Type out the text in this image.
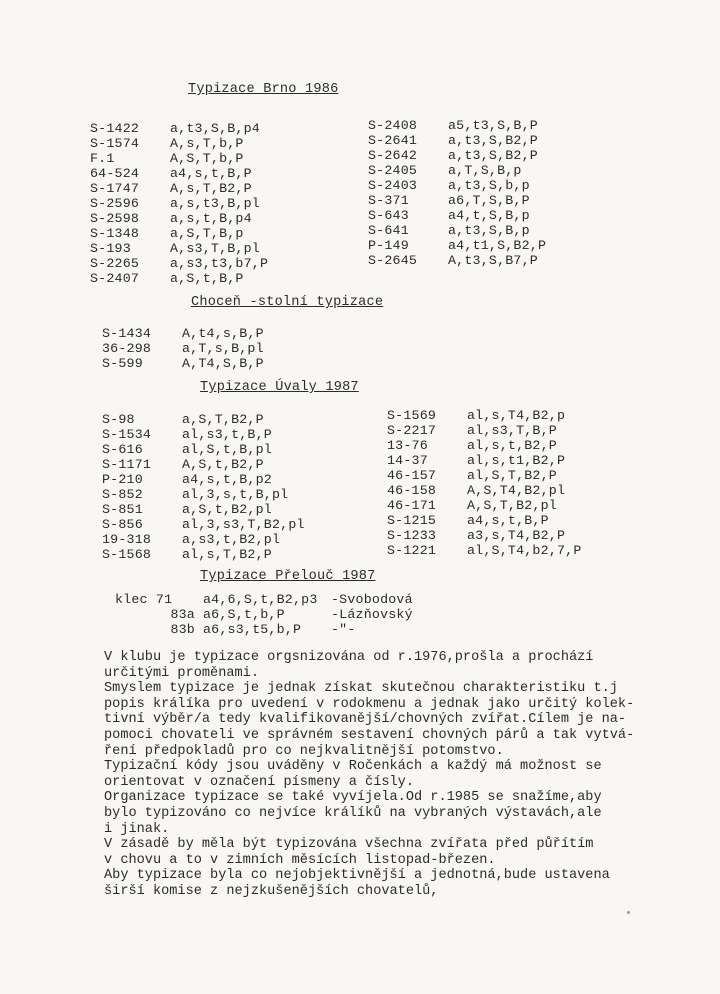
Typizace Brno 1986
S-1422 a,t3,S,B,p4
S-1574 A,s,T,b,P
F.1	A,S,T,b,P
64-524 a4,s,t,B,P
S-1747 A,s,T,B2,P
S-2596 a,s,t3,B,pl
S-2598 a,s,t,B,p4
S-1348 a,S,T,B,p
S-193	A,s3,T,B,pl
S-2265 a,s3,t3,b7,P
S-2407 a,S,t,B,P
S-2408 a5,t3,S,B,P
S-2641 a,t3,S,B2,P
S-2642 a,t3,S,B2,P
S-2405 a,T,S,B,p
S-2403 a,t3,S,b,p
S-371	a6,T,S,B,P
S-643	a4,t,S,B,p
S-641	a,t3,S,B,p
P-149	a4,t1,S,B2,P
S-2645 A,t3,S,B7,P
Choceň -stolní typizace
S-1434 A,t4,s,B,P
36-298 a,T,s,B,pl
S-599	A,T4,S,B,P
Typizace Úvaly 1987
S-98	a,S,T,B2,P
S-1534 al,s3,t,B,P
S-616	al,S,t,B,pl
S-1171 A,S,t,B2,P
P-210	a4,s,t,B,p2
S-852	al,3,s,t,B,pl
S-851	a,S,t,B2,pl
S-856	al,3,s3,T,B2,pl
19-318 a,s3,t,B2,pl
S-1568 al,s,T,B2,P
S-1569 al,s,T4,B2,p
S-2217 al,s3,T,B,P
13-76	al,s,t,B2,P
14-37	al,s,t1,B2,P
46-157 al,S,T,B2,P
46-158 A,S,T4,B2,pl
46-171 A,S,T,B2,pl
S-1215 a4,s,t,B,P
S-1233 a3,s,T4,B2,P
S-1221 al,S,T4,b2,7,P
Typizace Přelouč 1987
klec 71 a4,6,S,t,B2,p3 -Svobodová
83a a6,S,t,b,P	-Lázňovský
83b a6,s3,t5,b,P -"-
V klubu je typizace orgsnizována od r.1976,prošla a prochází
určitými proměnami.
Smyslem typizace je jednak získat skutečnou charakteristiku t.j
popis králíka pro uvedení v rodokmenu a jednak jako určitý kolek-
tivní výběr/a tedy kvalifikovanější/chovných zvířat.Cílem je na-
pomoci chovateli ve správném sestavení chovných párů a tak vytvá-
ření předpokladů pro co nejkvalitnější potomstvo.
Typizační kódy jsou uváděny v Ročenkách a každý má možnost se
orientovat v označení písmeny a čísly.
Organizace typizace se také vyvíjela.Od r.1985 se snažíme,aby
bylo typizováno co nejvíce králíků na vybraných výstavách,ale
i jinak.
V zásadě by měla být typizována všechna zvířata před půřítím
v chovu a to v zimních měsících listopad-březen.
Aby typizace byla co nejobjektivnější a jednotná,bude ustavena
širší komise z nejzkušenějších chovatelů,
